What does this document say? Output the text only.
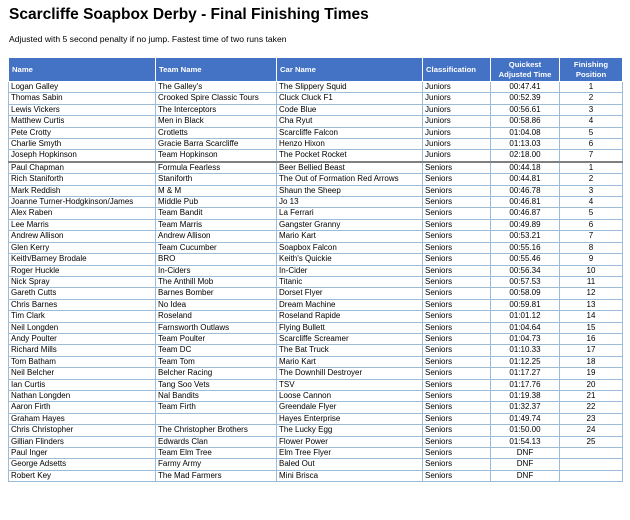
Scarcliffe Soapbox Derby - Final Finishing Times
Adjusted with 5 second penalty if no jump. Fastest time of two runs taken
Name	Team Name	Car Name	Classification	Quickest Adjusted Time	Finishing Position
Logan Galley	The Galley's	The Slippery Squid	Juniors	00:47.41	1
Thomas Sabin	Crooked Spire Classic Tours	Cluck Cluck F1	Juniors	00:52.39	2
Lewis Vickers	The Interceptors	Code Blue	Juniors	00:56.61	3
Matthew Curtis	Men in Black	Cha Ryut	Juniors	00:58.86	4
Pete Crotty	Crotletts	Scarcliffe Falcon	Juniors	01:04.08	5
Charlie Smyth	Gracie Barra Scarcliffe	Henzo Hixon	Juniors	01:13.03	6
Joseph Hopkinson	Team Hopkinson	The Pocket Rocket	Juniors	02:18.00	7
Paul Chapman	Formula Fearless	Beer Bellied Beast	Seniors	00:44.18	1
Rich Staniforth	Staniforth	The Out of Formation Red Arrows	Seniors	00:44.81	2
Mark Reddish	M & M	Shaun the Sheep	Seniors	00:46.78	3
Joanne Turner-Hodgkinson/James	Middle Pub	Jo 13	Seniors	00:46.81	4
Alex Raben	Team Bandit	La Ferrari	Seniors	00:46.87	5
Lee Marris	Team Marris	Gangster Granny	Seniors	00:49.89	6
Andrew Allison	Andrew Allison	Mario Kart	Seniors	00:53.21	7
Glen Kerry	Team Cucumber	Soapbox Falcon	Seniors	00:55.16	8
Keith/Barney Brodale	BRO	Keith's Quickie	Seniors	00:55.46	9
Roger Huckle	In-Ciders	In-Cider	Seniors	00:56.34	10
Nick Spray	The Anthill Mob	Titanic	Seniors	00:57.53	11
Gareth Cutts	Barnes Bomber	Dorset Flyer	Seniors	00:58.09	12
Chris Barnes	No Idea	Dream Machine	Seniors	00:59.81	13
Tim Clark	Roseland	Roseland Rapide	Seniors	01:01.12	14
Neil Longden	Farnsworth Outlaws	Flying Bullett	Seniors	01:04.64	15
Andy Poulter	Team Poulter	Scarcliffe Screamer	Seniors	01:04.73	16
Richard Mills	Team DC	The Bat Truck	Seniors	01:10.33	17
Tom Batham	Team Tom	Mario Kart	Seniors	01:12.25	18
Neil Belcher	Belcher Racing	The Downhill Destroyer	Seniors	01:17.27	19
Ian Curtis	Tang Soo Vets	TSV	Seniors	01:17.76	20
Nathan Longden	Nal Bandits	Loose Cannon	Seniors	01:19.38	21
Aaron Firth	Team Firth	Greendale Flyer	Seniors	01:32.37	22
Graham Hayes		Hayes Enterprise	Seniors	01:49.74	23
Chris Christopher	The Christopher Brothers	The Lucky Egg	Seniors	01:50.00	24
Gillian Flinders	Edwards Clan	Flower Power	Seniors	01:54.13	25
Paul Inger	Team Elm Tree	Elm Tree Flyer	Seniors	DNF	
George Adsetts	Farmy Army	Baled Out	Seniors	DNF	
Robert Key	The Mad Farmers	Mini Brisca	Seniors	DNF	
